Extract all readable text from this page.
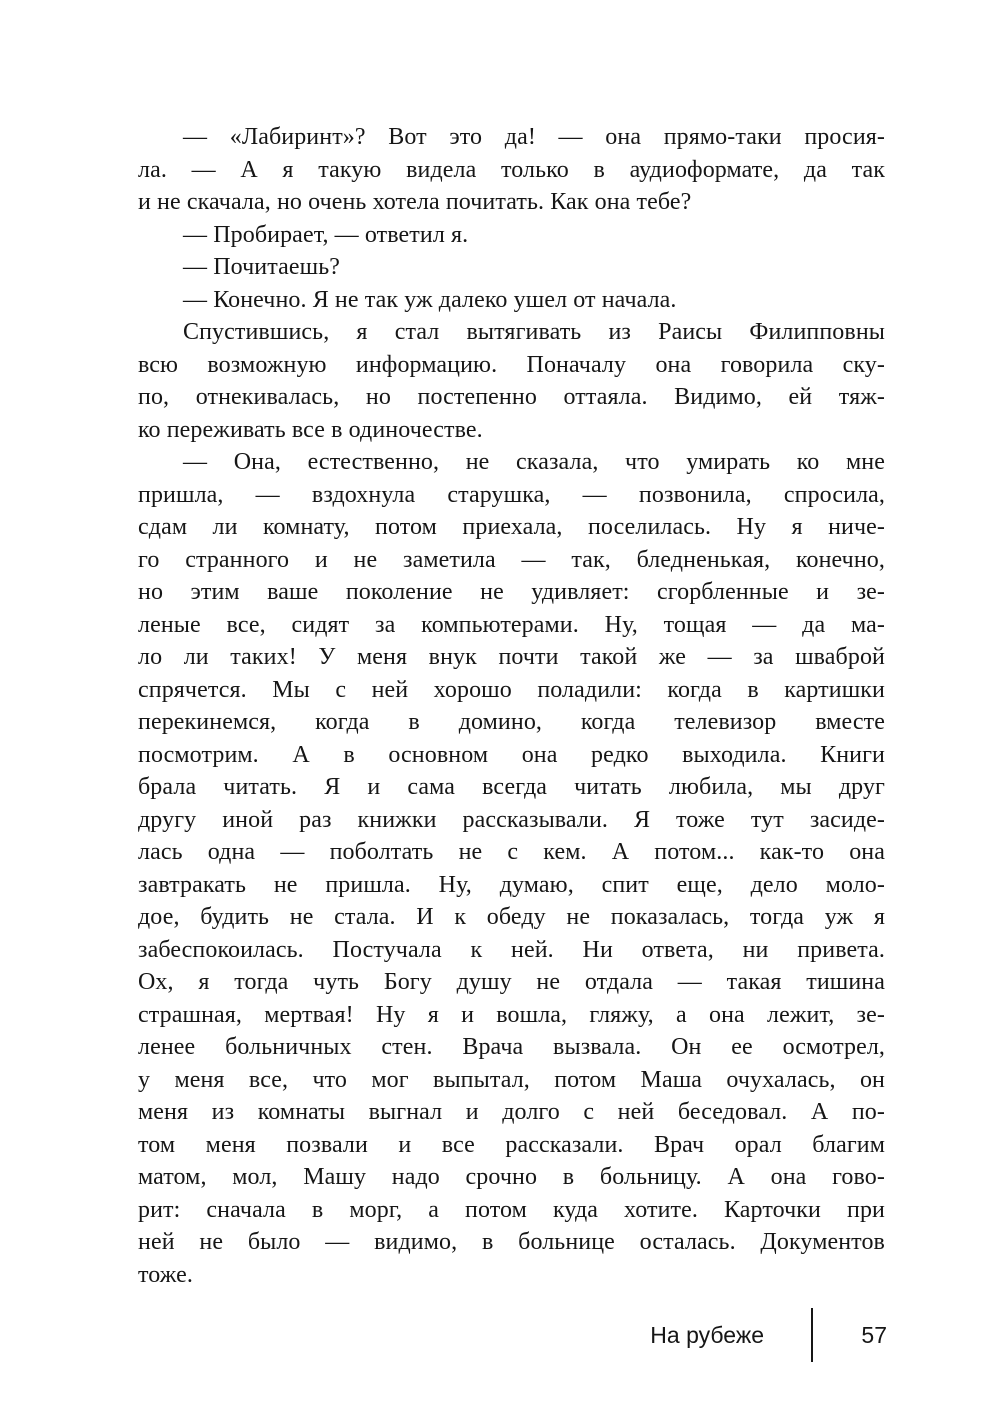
— «Лабиринт»? Вот это да! — она прямо-таки просия-
ла. — А я такую видела только в аудиоформате, да так
и не скачала, но очень хотела почитать. Как она тебе?
— Пробирает, — ответил я.
— Почитаешь?
— Конечно. Я не так уж далеко ушел от начала.
Спустившись, я стал вытягивать из Раисы Филипповны
всю возможную информацию. Поначалу она говорила ску-
по, отнекивалась, но постепенно оттаяла. Видимо, ей тяж-
ко переживать все в одиночестве.
— Она, естественно, не сказала, что умирать ко мне
пришла, — вздохнула старушка, — позвонила, спросила,
сдам ли комнату, потом приехала, поселилась. Ну я ниче-
го странного и не заметила — так, бледненькая, конечно,
но этим ваше поколение не удивляет: сгорбленные и зе-
леные все, сидят за компьютерами. Ну, тощая — да ма-
ло ли таких! У меня внук почти такой же — за шваброй
спрячется. Мы с ней хорошо поладили: когда в картишки
перекинемся, когда в домино, когда телевизор вместе
посмотрим. А в основном она редко выходила. Книги
брала читать. Я и сама всегда читать любила, мы друг
другу иной раз книжки рассказывали. Я тоже тут засиде-
лась одна — поболтать не с кем. А потом... как-то она
завтракать не пришла. Ну, думаю, спит еще, дело моло-
дое, будить не стала. И к обеду не показалась, тогда уж я
забеспокоилась. Постучала к ней. Ни ответа, ни привета.
Ох, я тогда чуть Богу душу не отдала — такая тишина
страшная, мертвая! Ну я и вошла, гляжу, а она лежит, зе-
ленее больничных стен. Врача вызвала. Он ее осмотрел,
у меня все, что мог выпытал, потом Маша очухалась, он
меня из комнаты выгнал и долго с ней беседовал. А по-
том меня позвали и все рассказали. Врач орал благим
матом, мол, Машу надо срочно в больницу. А она гово-
рит: сначала в морг, а потом куда хотите. Карточки при
ней не было — видимо, в больнице осталась. Документов
тоже.
На рубеже	57
